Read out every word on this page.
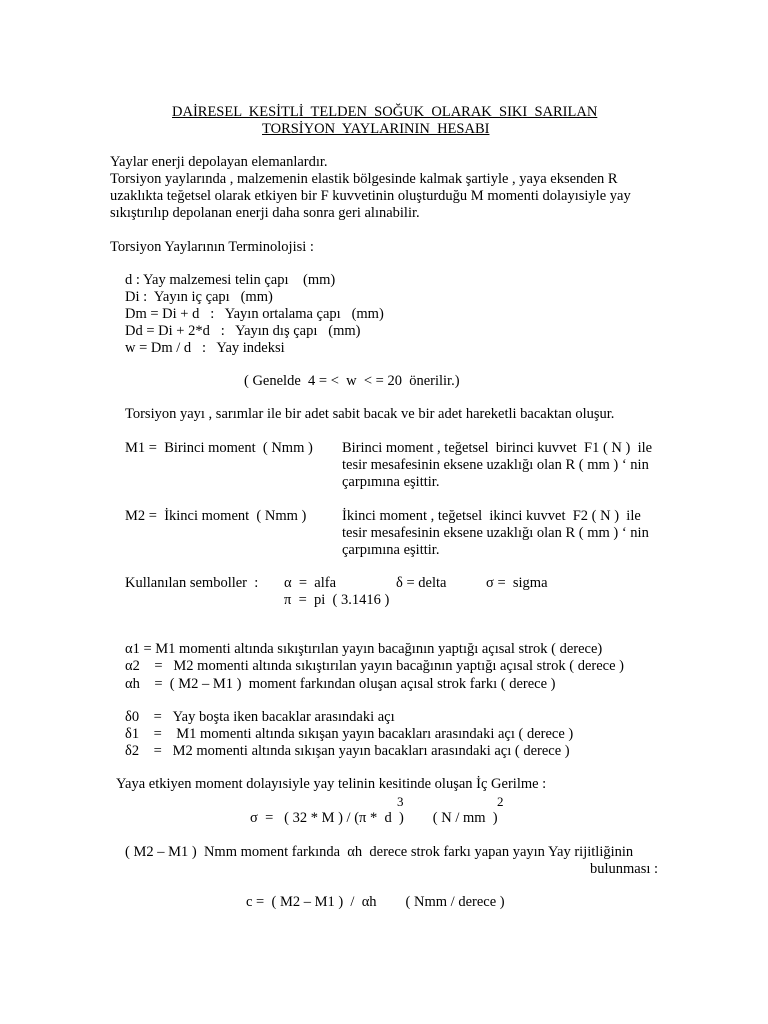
DAİRESEL  KESİTLİ  TELDEN  SOĞUK  OLARAK  SIKI  SARILAN
TORSİYON  YAYLARININ  HESABI
Yaylar enerji depolayan elemanlardır.
Torsiyon yaylarında , malzemenin elastik bölgesinde kalmak şartiyle , yaya eksenden R
uzaklıkta teğetsel olarak etkiyen bir F kuvvetinin oluşturduğu M momenti dolayısiyle yay
sıkıştırılıp depolanan enerji daha sonra geri alınabilir.
Torsiyon Yaylarının Terminolojisi :
d : Yay malzemesi telin çapı    (mm)
Di :  Yayın iç çapı   (mm)
Dm = Di + d   :   Yayın ortalama çapı   (mm)
Dd = Di + 2*d   :   Yayın dış çapı   (mm)
w = Dm / d   :   Yay indeksi
( Genelde  4 = <  w  < = 20  önerilir.)
Torsiyon yayı , sarımlar ile bir adet sabit bacak ve bir adet hareketli bacaktan oluşur.
M1 =  Birinci moment  ( Nmm ) Birinci moment , teğetsel  birinci kuvvet  F1 ( N )  ile
tesir mesafesinin eksene uzaklığı olan R ( mm ) ‘ nin
çarpımına eşittir.
M2 =  İkinci moment  ( Nmm ) İkinci moment , teğetsel  ikinci kuvvet  F2 ( N )  ile
tesir mesafesinin eksene uzaklığı olan R ( mm ) ‘ nin
çarpımına eşittir.
Kullanılan semboller  : α  =  alfa	δ = delta	σ =  sigma
π  =  pi  ( 3.1416 )
α1 = M1 momenti altında sıkıştırılan yayın bacağının yaptığı açısal strok ( derece)
α2    =   M2 momenti altında sıkıştırılan yayın bacağının yaptığı açısal strok ( derece )
αh    =  ( M2 – M1 )  moment farkından oluşan açısal strok farkı ( derece )
δ0    =   Yay boşta iken bacaklar arasındaki açı
δ1    =    M1 momenti altında sıkışan yayın bacakları arasındaki açı ( derece )
δ2    =   M2 momenti altında sıkışan yayın bacakları arasındaki açı ( derece )
Yaya etkiyen moment dolayısiyle yay telinin kesitinde oluşan İç Gerilme :
3	2
σ  =   ( 32 * M ) / (π *  d  )        ( N / mm  )
( M2 – M1 )  Nmm moment farkında  αh  derece strok farkı yapan yayın Yay rijitliğinin
bulunması :
c =  ( M2 – M1 )  /  αh        ( Nmm / derece )
